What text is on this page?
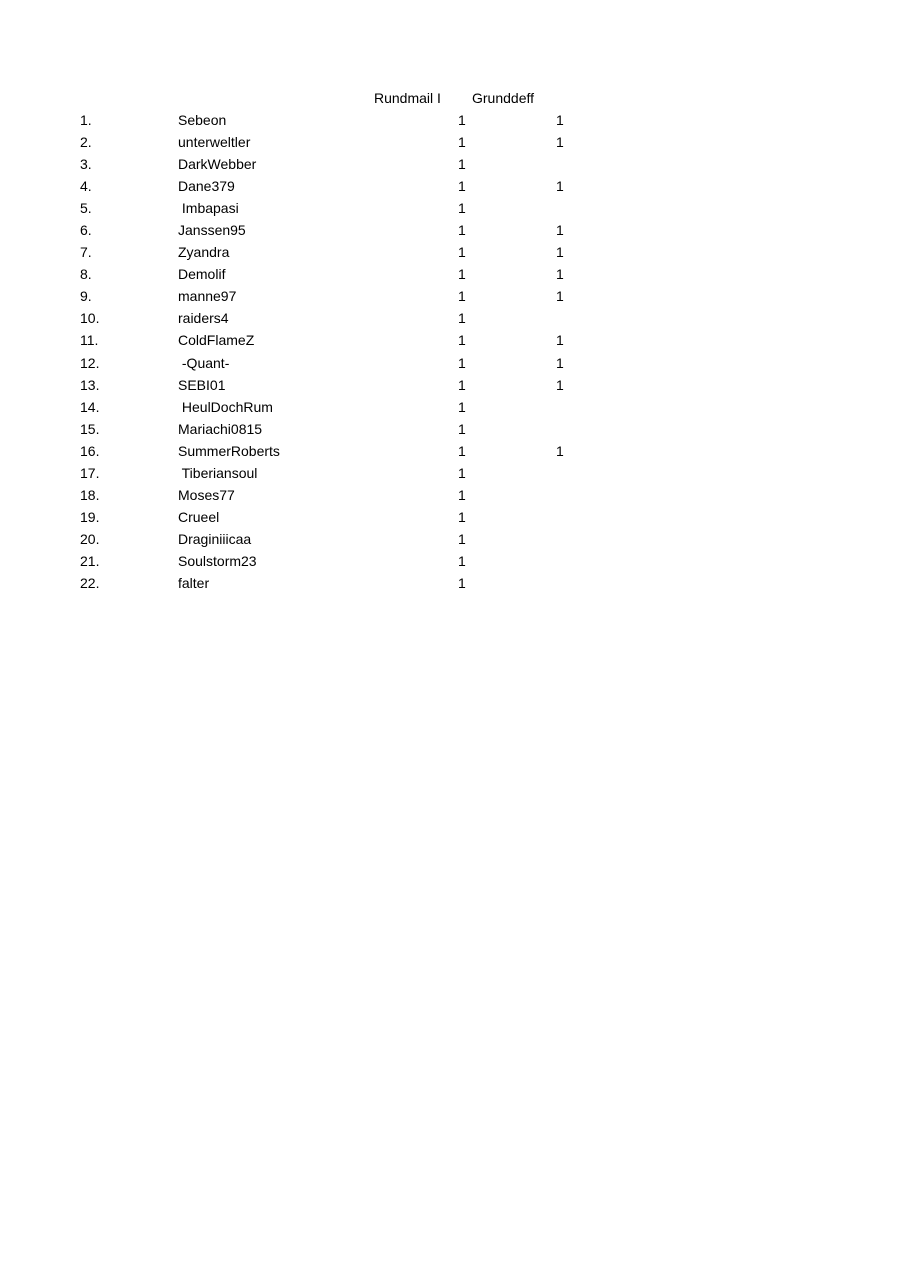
Rundmail I Grunddeff
1.	Sebeon	1	1
2.	unterweltler	1	1
3.	DarkWebber	1
4.	Dane379	1	1
5.	Imbapasi	1
6.	Janssen95	1	1
7.	Zyandra	1	1
8.	Demolif	1	1
9.	manne97	1	1
10.	raiders4	1
11.	ColdFlameZ	1	1
12.	-Quant-	1	1
13.	SEBI01	1	1
14.	HeulDochRum	1
15.	Mariachi0815	1
16.	SummerRoberts	1	1
17.	Tiberiansoul	1
18.	Moses77	1
19.	Crueel	1
20.	Draginiiicaa	1
21.	Soulstorm23	1
22.	falter	1
